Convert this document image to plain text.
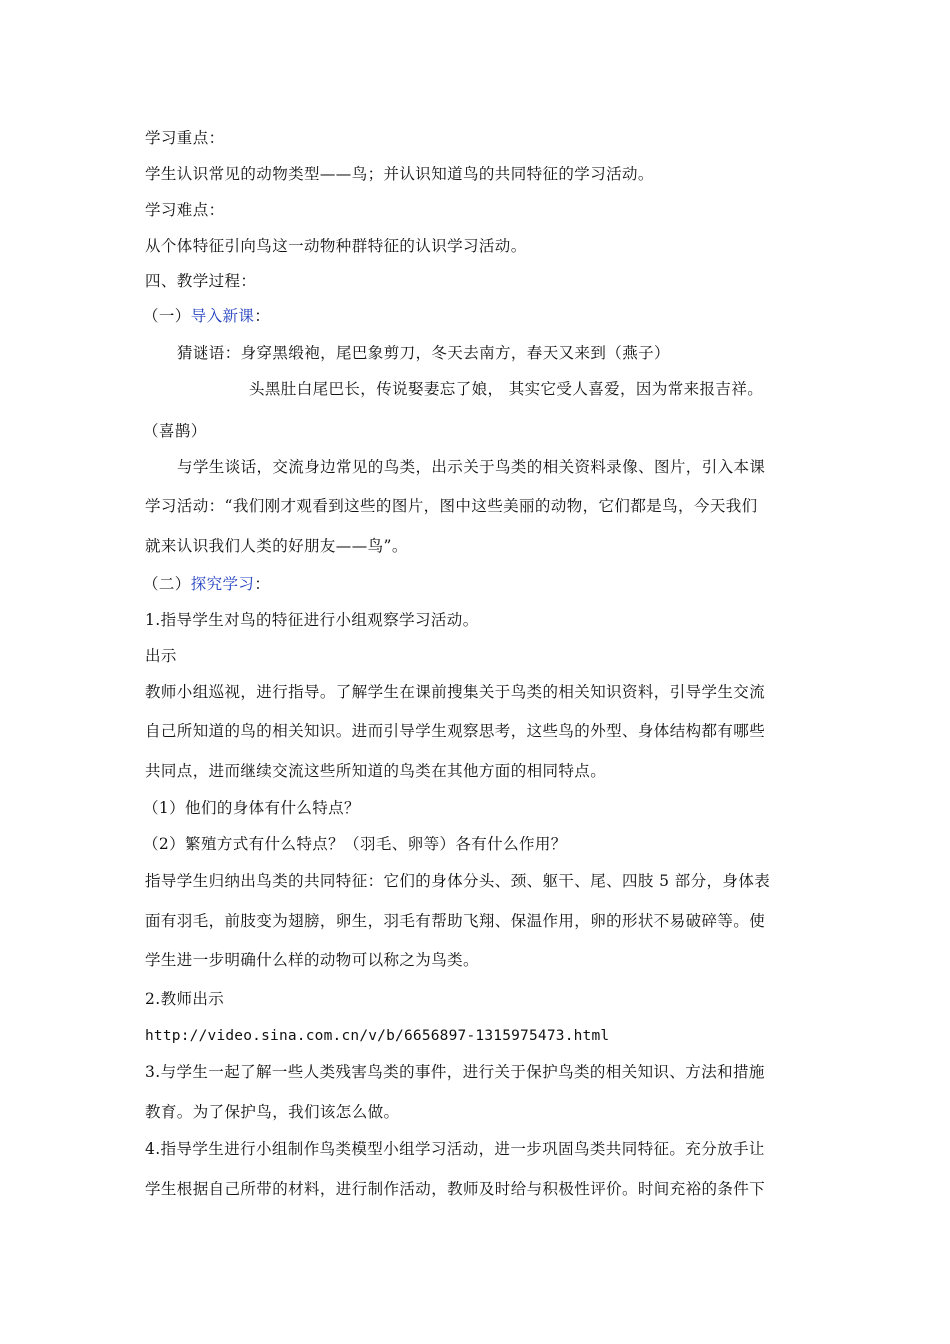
学习重点：
学生认识常见的动物类型——鸟；并认识知道鸟的共同特征的学习活动。
学习难点：
从个体特征引向鸟这一动物种群特征的认识学习活动。
四、教学过程：
（一）导入新课：
猜谜语：身穿黑缎袍，尾巴象剪刀，冬天去南方，春天又来到（燕子）
头黑肚白尾巴长，传说娶妻忘了娘， 其实它受人喜爱，因为常来报吉祥。
（喜鹊）
与学生谈话，交流身边常见的鸟类，出示关于鸟类的相关资料录像、图片，引入本课
学习活动：“我们刚才观看到这些的图片，图中这些美丽的动物，它们都是鸟，今天我们
就来认识我们人类的好朋友——鸟”。
（二）探究学习：
1.指导学生对鸟的特征进行小组观察学习活动。
出示
教师小组巡视，进行指导。了解学生在课前搜集关于鸟类的相关知识资料，引导学生交流
自己所知道的鸟的相关知识。进而引导学生观察思考，这些鸟的外型、身体结构都有哪些
共同点，进而继续交流这些所知道的鸟类在其他方面的相同特点。
（1）他们的身体有什么特点？
（2）繁殖方式有什么特点？（羽毛、卵等）各有什么作用？
指导学生归纳出鸟类的共同特征：它们的身体分头、颈、躯干、尾、四肢 5 部分，身体表
面有羽毛，前肢变为翅膀，卵生，羽毛有帮助飞翔、保温作用，卵的形状不易破碎等。使
学生进一步明确什么样的动物可以称之为鸟类。
2.教师出示
http://video.sina.com.cn/v/b/6656897-1315975473.html
3.与学生一起了解一些人类残害鸟类的事件，进行关于保护鸟类的相关知识、方法和措施
教育。为了保护鸟，我们该怎么做。
4.指导学生进行小组制作鸟类模型小组学习活动，进一步巩固鸟类共同特征。充分放手让
学生根据自己所带的材料，进行制作活动，教师及时给与积极性评价。时间充裕的条件下
